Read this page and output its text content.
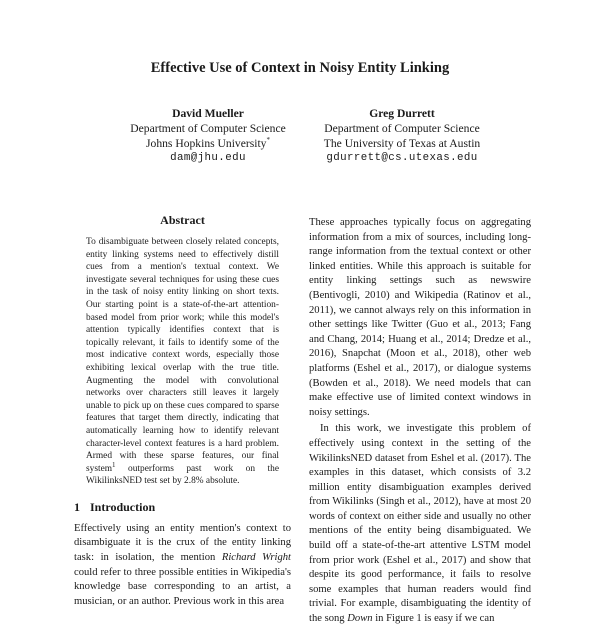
Effective Use of Context in Noisy Entity Linking
David Mueller
Department of Computer Science
Johns Hopkins University*
dam@jhu.edu
Greg Durrett
Department of Computer Science
The University of Texas at Austin
gdurrett@cs.utexas.edu
Abstract

To disambiguate between closely related concepts, entity linking systems need to effectively distill cues from a mention's textual context. We investigate several techniques for using these cues in the task of noisy entity linking on short texts. Our starting point is a state-of-the-art attention-based model from prior work; while this model's attention typically identifies context that is topically relevant, it fails to identify some of the most indicative context words, especially those exhibiting lexical overlap with the true title. Augmenting the model with convolutional networks over characters still leaves it largely unable to pick up on these cues compared to sparse features that target them directly, indicating that automatically learning how to identify relevant character-level context features is a hard problem. Armed with these sparse features, our final system$^1$ outperforms past work on the WikilinksNED test set by 2.8% absolute.

1 Introduction

Effectively using an entity mention's context to disambiguate it is the crux of the entity linking task: in isolation, the mention Richard Wright could refer to three possible entities in Wikipedia's knowledge base corresponding to an artist, a musician, or an author. Previous work in this area

These approaches typically focus on aggregating information from a mix of sources, including long-range information from the textual context or other linked entities. While this approach is suitable for entity linking settings such as newswire (Bentivogli, 2010) and Wikipedia (Ratinov et al., 2011), we cannot always rely on this information in other settings like Twitter (Guo et al., 2013; Fang and Chang, 2014; Huang et al., 2014; Dredze et al., 2016), Snapchat (Moon et al., 2018), other web platforms (Eshel et al., 2017), or dialogue systems (Bowden et al., 2018). We need models that can make effective use of limited context windows in noisy settings.

In this work, we investigate this problem of effectively using context in the setting of the WikilinksNED dataset from Eshel et al. (2017). The examples in this dataset, which consists of 3.2 million entity disambiguation examples derived from Wikilinks (Singh et al., 2012), have at most 20 words of context on either side and usually no other mentions of the entity being disambiguated. We build off a state-of-the-art attentive LSTM model from prior work (Eshel et al., 2017) and show that despite its good performance, it fails to resolve some examples that human readers would find trivial. For example, disambiguating the identity of the song Down in Figure 1 is easy if we can
